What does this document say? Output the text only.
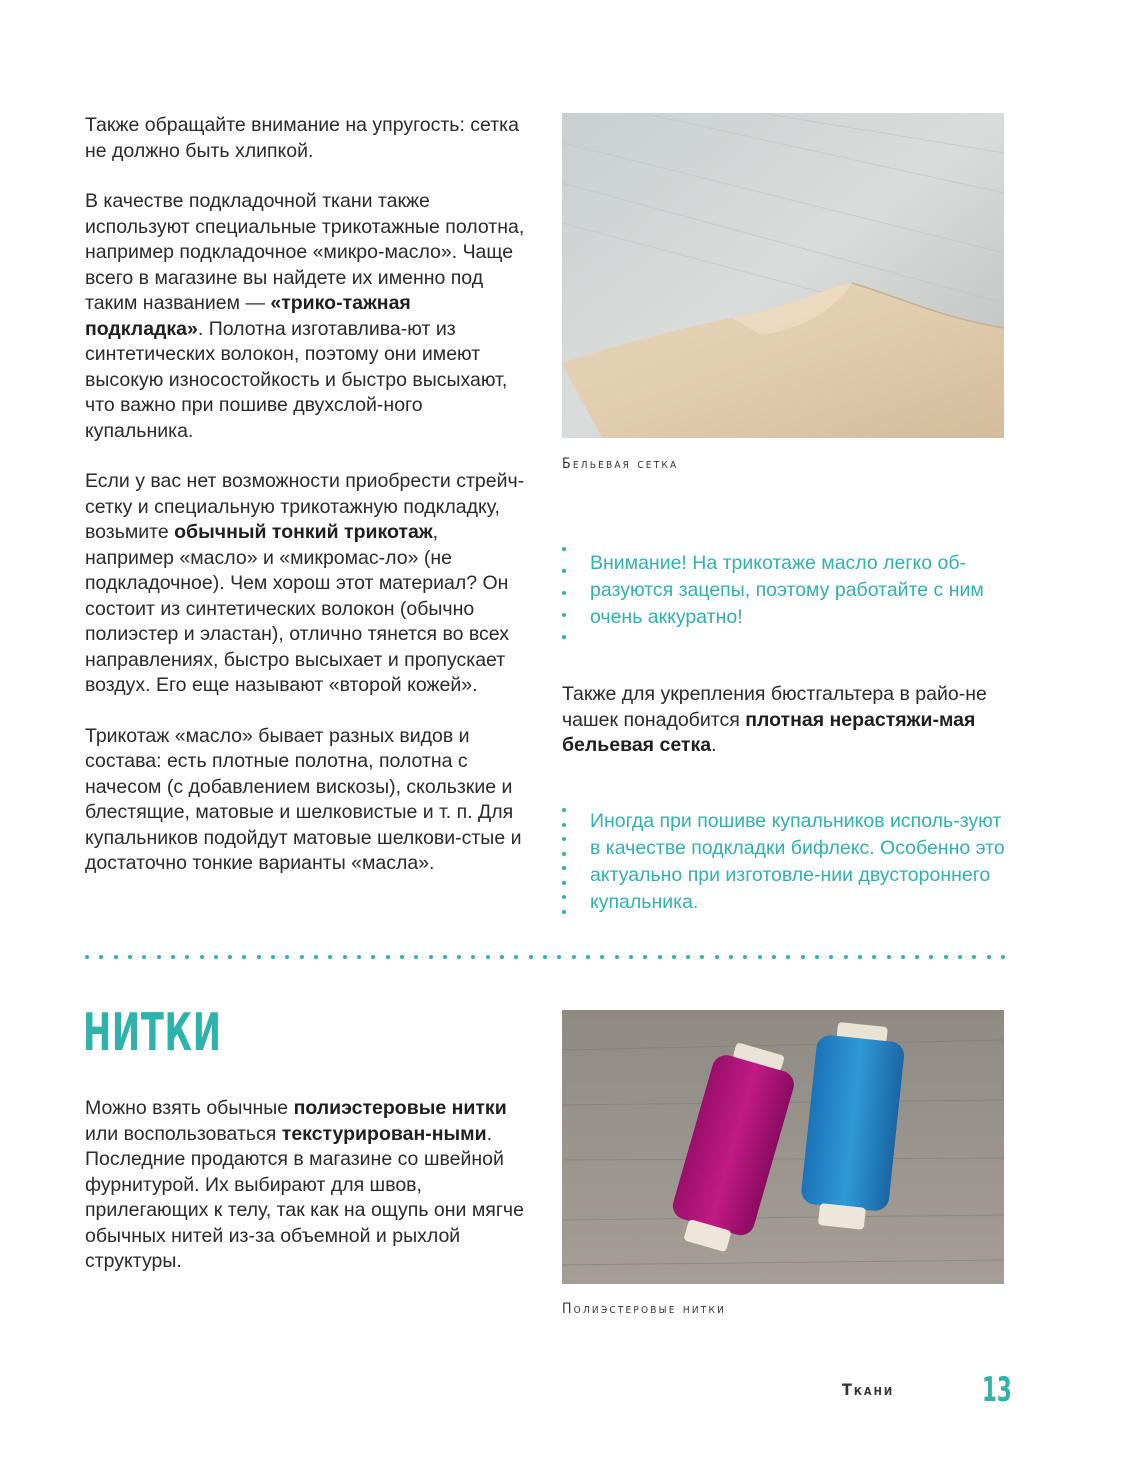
Также обращайте внимание на упругость: сетка не должно быть хлипкой.

В качестве подкладочной ткани также используют специальные трикотажные полотна, например подкладочное «микро-масло». Чаще всего в магазине вы найдете их именно под таким названием — «трико-тажная подкладка». Полотна изготавлива-ют из синтетических волокон, поэтому они имеют высокую износостойкость и быстро высыхают, что важно при пошиве двухслой-ного купальника.

Если у вас нет возможности приобрести стрейч-сетку и специальную трикотажную подкладку, возьмите обычный тонкий трикотаж, например «масло» и «микромас-ло» (не подкладочное). Чем хорош этот материал? Он состоит из синтетических волокон (обычно полиэстер и эластан), отлично тянется во всех направлениях, быстро высыхает и пропускает воздух. Его еще называют «второй кожей».

Трикотаж «масло» бывает разных видов и состава: есть плотные полотна, полотна с начесом (с добавлением вискозы), скользкие и блестящие, матовые и шелковистые и т. п. Для купальников подойдут матовые шелкови-стые и достаточно тонкие варианты «масла».

Бельевая сетка

Внимание! На трикотаже масло легко об-разуются зацепы, поэтому работайте с ним очень аккуратно!

Также для укрепления бюстгальтера в райо-не чашек понадобится плотная нерастяжи-мая бельевая сетка.

Иногда при пошиве купальников исполь-зуют в качестве подкладки бифлекс. Особенно это актуально при изготовле-нии двустороннего купальника.

НИТКИ

Можно взять обычные полиэстеровые нитки или воспользоваться текстурирован-ными. Последние продаются в магазине со швейной фурнитурой. Их выбирают для швов, прилегающих к телу, так как на ощупь они мягче обычных нитей из-за объемной и рыхлой структуры.

Полиэстеровые нитки
Ткани	13
